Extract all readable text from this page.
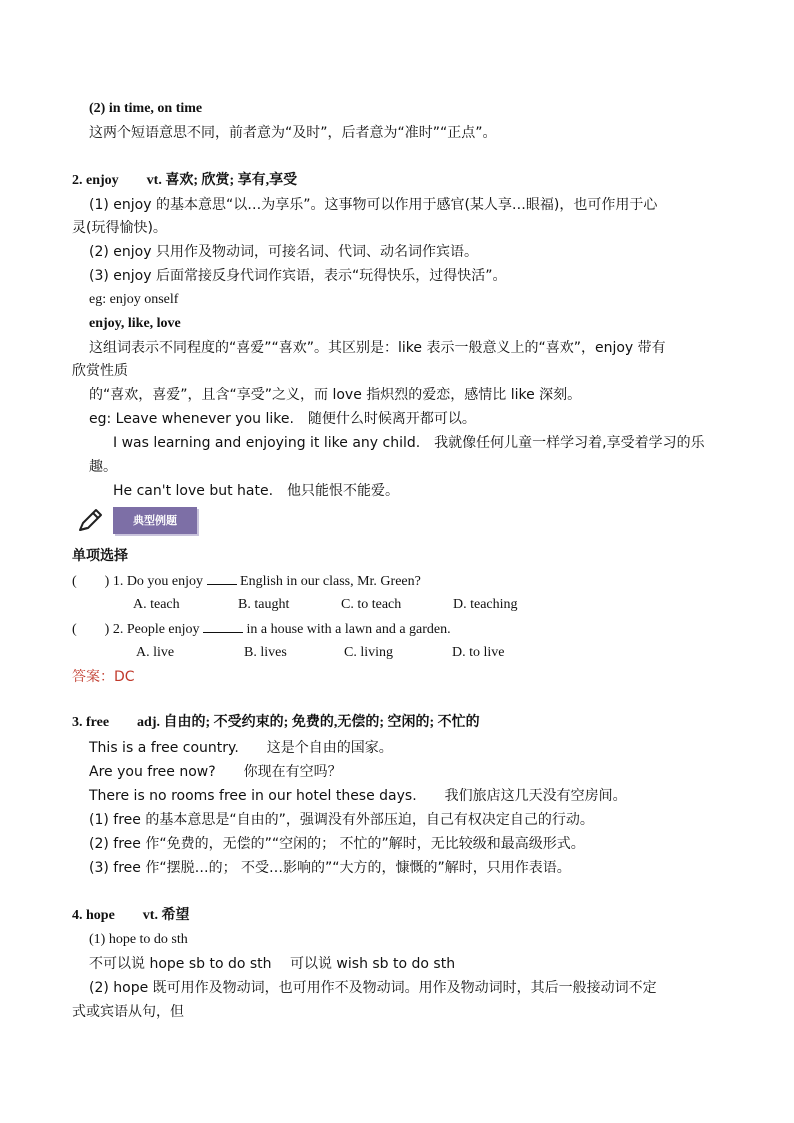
(2) in time, on time
这两个短语意思不同，前者意为“及时”，后者意为“准时”“正点”。
2. enjoy　　vt. 喜欢; 欣赏; 享有,享受
(1) enjoy 的基本意思“以…为享乐”。这事物可以作用于感官(某人享…眼福)，也可作用于心
灵(玩得愉快)。
(2) enjoy 只用作及物动词，可接名词、代词、动名词作宾语。
(3) enjoy 后面常接反身代词作宾语，表示“玩得快乐，过得快活”。
eg: enjoy onself
enjoy, like, love
这组词表示不同程度的“喜爱”“喜欢”。其区别是：like 表示一般意义上的“喜欢”，enjoy 带有
欣赏性质
的“喜欢，喜爱”，且含“享受”之义，而 love 指炽烈的爱恋，感情比 like 深刻。
eg: Leave whenever you like.　随便什么时候离开都可以。
I was learning and enjoying it like any child.　我就像任何儿童一样学习着,享受着学习的乐
趣。
He can't love but hate.　他只能恨不能爱。
典型例题
单项选择
(　　) 1. Do you enjoy  English in our class, Mr. Green?
A. teach	B. taught	C. to teach	D. teaching
(　　) 2. People enjoy	in a house with a lawn and a garden.
A. live	B. lives	C. living	D. to live
答案：DC
3. free　　adj. 自由的; 不受约束的; 免费的,无偿的; 空闲的; 不忙的
This is a free country.　　这是个自由的国家。
Are you free now?　　你现在有空吗？
There is no rooms free in our hotel these days.　　我们旅店这几天没有空房间。
(1) free 的基本意思是“自由的”，强调没有外部压迫，自己有权决定自己的行动。
(2) free 作“免费的，无偿的”“空闲的； 不忙的”解时，无比较级和最高级形式。
(3) free 作“摆脱…的； 不受…影响的”“大方的，慷慨的”解时，只用作表语。
4. hope　　vt. 希望
(1) hope to do sth
不可以说 hope sb to do sth　 可以说 wish sb to do sth
(2) hope 既可用作及物动词，也可用作不及物动词。用作及物动词时，其后一般接动词不定
式或宾语从句，但
